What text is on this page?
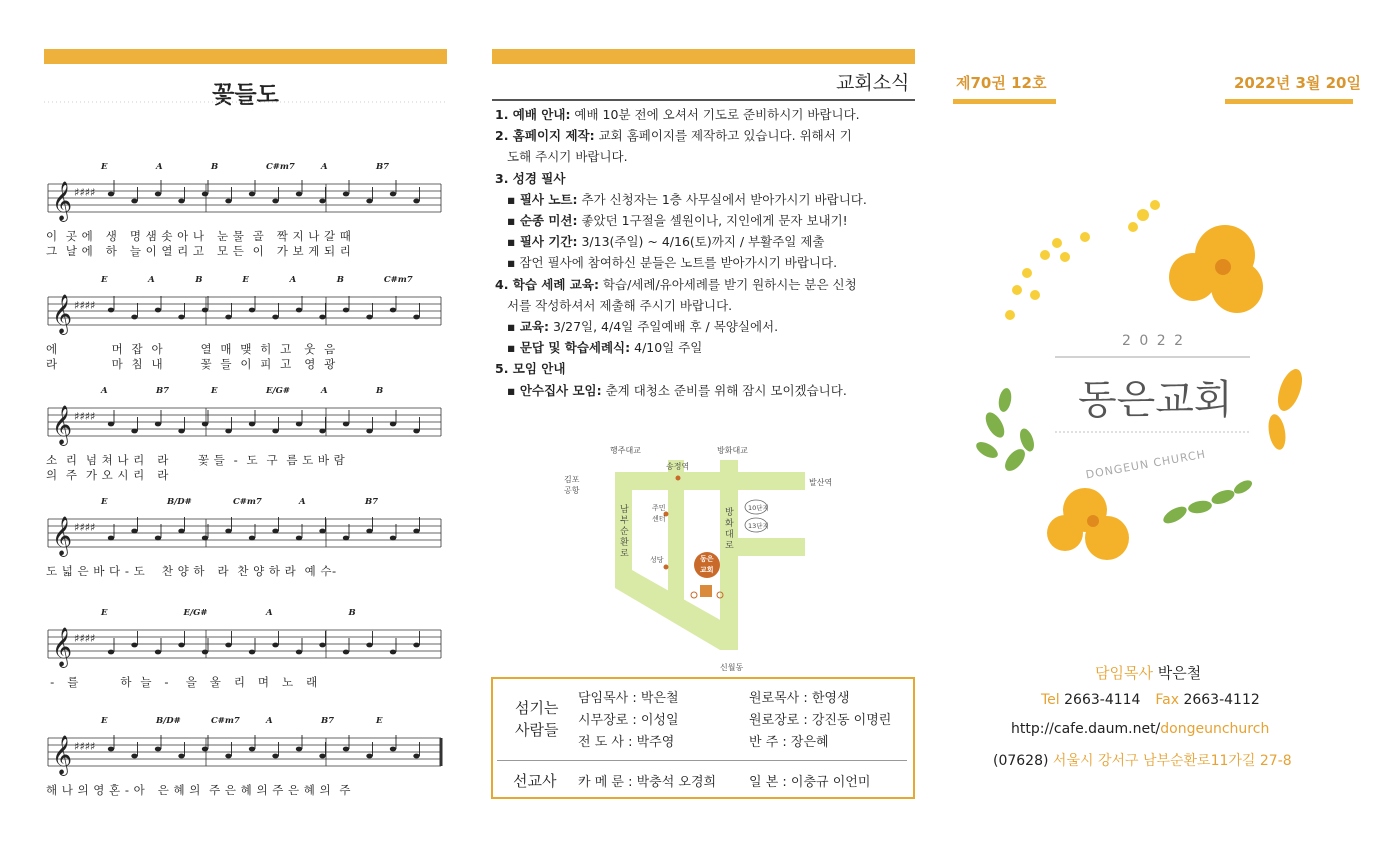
꽃들도
E	A	B	C#m7	A	B7
𝄞 ♯♯♯♯
이  곳 에   생   명 샘 솟 아 나   눈 물  골   짝 지 나 갈 때
그  날 에   하   늘 이 열 리 고   모 든  이   가 보 게 되 리
E	A	B	E	A	B	C#m7
𝄞 ♯♯♯♯
에             머  잡  아         열  매  맺  히  고   웃  음
라             마  침  내         꽃  들  이  피  고   영  광
A	B7	E	E/G#	A	B
𝄞 ♯♯♯♯
소  리  넘 쳐 나 리   라       꽃 들  -  도  구  름 도 바 람
의  주  가 오 시 리   라
E	B/D#	C#m7	A	B7
𝄞 ♯♯♯♯
도 넓 은 바 다 - 도    찬 양 하   라  찬 양 하 라  예 수-
E	E/G#	A	B
𝄞 ♯♯♯♯
-   를          하  늘   -    을   울   리   며   노   래
E	B/D#	C#m7	A	B7	E
𝄞 ♯♯♯♯
해 나 의 영 혼 - 아   은 혜 의  주 은 혜 의 주 은 혜 의  주
교회소식
1. 예배 안내: 예배 10분 전에 오셔서 기도로 준비하시기 바랍니다.
2. 홈페이지 제작: 교회 홈페이지를 제작하고 있습니다. 위해서 기
도해 주시기 바랍니다.
3. 성경 필사
▪ 필사 노트: 추가 신청자는 1층 사무실에서 받아가시기 바랍니다.
▪ 순종 미션: 좋았던 1구절을 셀원이나, 지인에게 문자 보내기!
▪ 필사 기간: 3/13(주일) ~ 4/16(토)까지 / 부활주일 제출
▪ 잠언 필사에 참여하신 분들은 노트를 받아가시기 바랍니다.
4. 학습 세례 교육: 학습/세례/유아세례를 받기 원하시는 분은 신청
서를 작성하셔서 제출해 주시기 바랍니다.
▪ 교육: 3/27일, 4/4일 주일예배 후 / 목양실에서.
▪ 문답 및 학습세례식: 4/10일 주일
5. 모임 안내
▪ 안수집사 모임: 춘계 대청소 준비를 위해 잠시 모이겠습니다.
행주대교	방화대교
송정역
김포
공항
발산역
남부순환로
방화대로
주민
센터
성당
10단지
13단지
동은
교회
신월동
섬기는
사람들
담임목사 : 박은철	원로목사 : 한영생
시무장로 : 이성일	원로장로 : 강진동 이명린
전 도 사 : 박주영	반 주 : 장은혜
선교사 카 메 룬 : 박충석 오경희	일 본 : 이충규 이언미
제70권 12호	2022년 3월 20일
2 0 2 2
동은교회
DONGEUN CHURCH
담임목사 박은철
Tel 2663-4114 Fax 2663-4112
http://cafe.daum.net/dongeunchurch
(07628) 서울시 강서구 남부순환로11가길 27-8
